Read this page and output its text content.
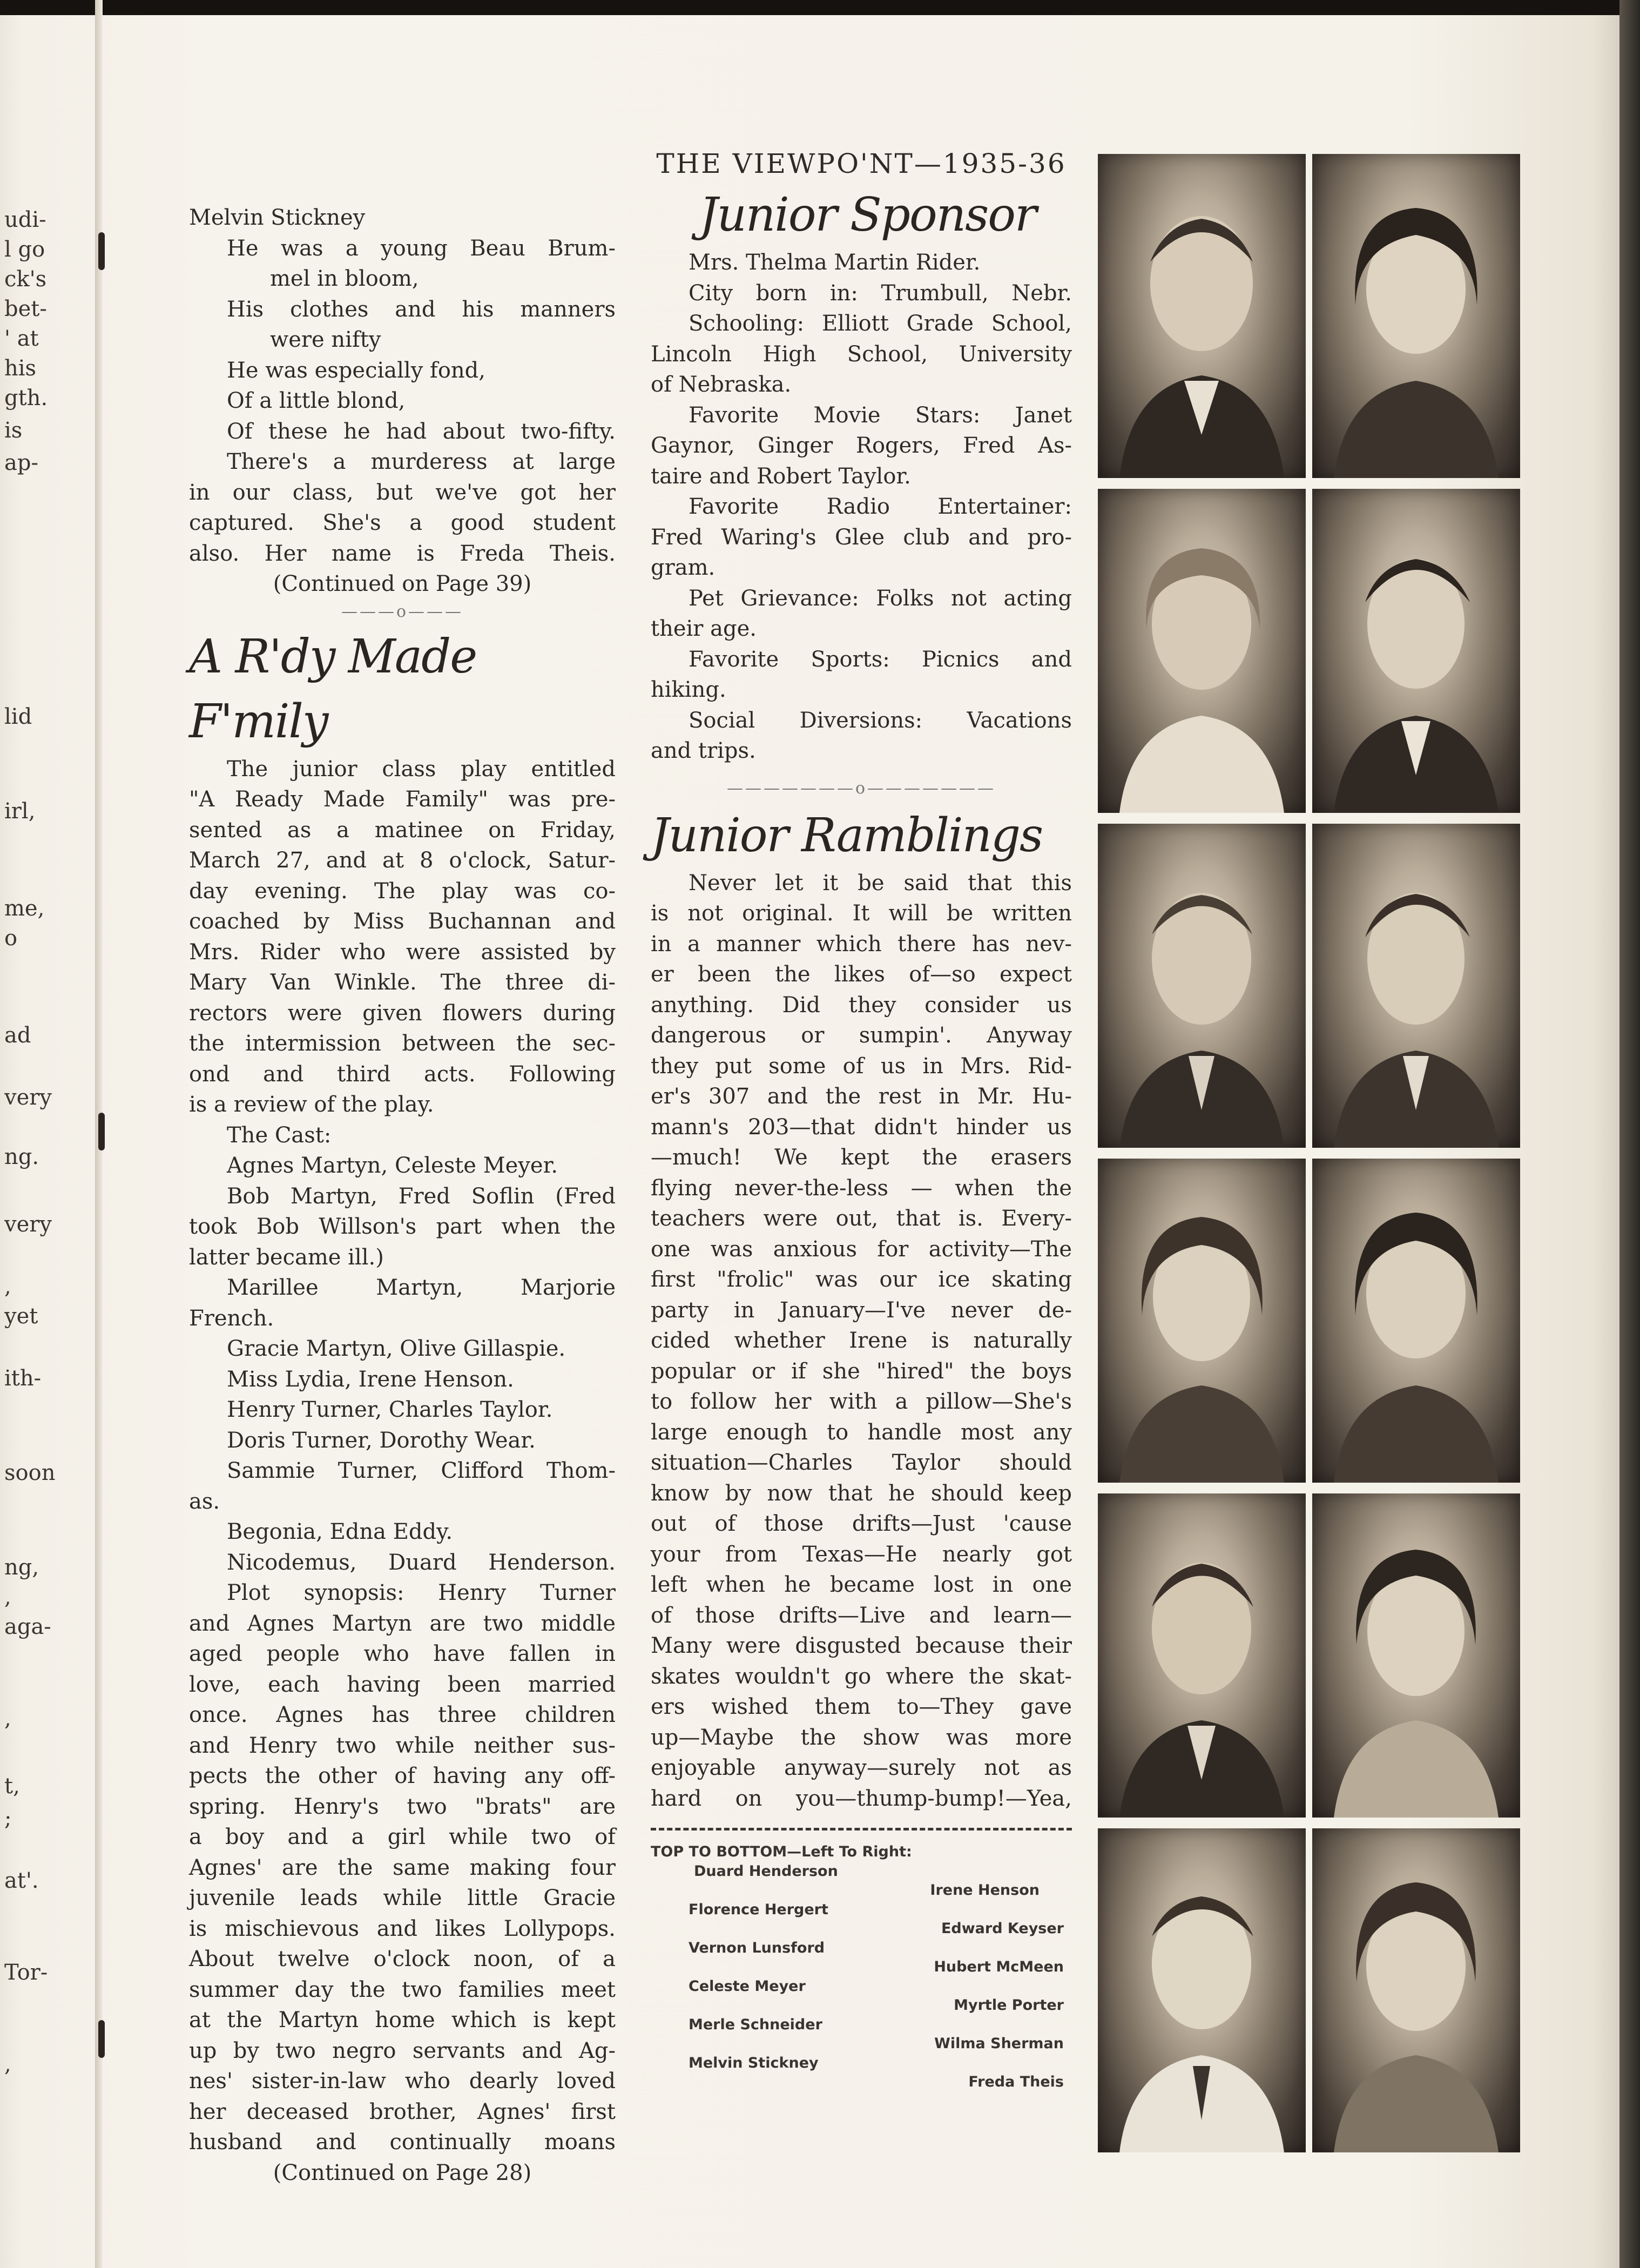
udi-
l go
ck's
bet-
' at
his
gth.
is
ap-
lid
irl,
me,
o
ad
very
ng.
very
,
yet
ith-
soon
ng,
,
aga-
,
t,
;
at'.
Tor-
,

Melvin Stickney

He was a young Beau Brum-

mel in bloom,

His clothes and his manners

were nifty

He was especially fond,

Of a little blond,

Of these he had about two-fifty.

There's a murderess at large

in our class, but we've got her

captured. She's a good student

also. Her name is Freda Theis.

(Continued on Page 39)

———o———

A R'dy Made F'mily

The junior class play entitled

"A Ready Made Family" was pre-

sented as a matinee on Friday,

March 27, and at 8 o'clock, Satur-

day evening. The play was co-

coached by Miss Buchannan and

Mrs. Rider who were assisted by

Mary Van Winkle. The three di-

rectors were given flowers during

the intermission between the sec-

ond and third acts. Following

is a review of the play.

The Cast:

Agnes Martyn, Celeste Meyer.

Bob Martyn, Fred Soflin (Fred

took Bob Willson's part when the

latter became ill.)

Marillee Martyn, Marjorie

French.

Gracie Martyn, Olive Gillaspie.

Miss Lydia, Irene Henson.

Henry Turner, Charles Taylor.

Doris Turner, Dorothy Wear.

Sammie Turner, Clifford Thom-

as.

Begonia, Edna Eddy.

Nicodemus, Duard Henderson.

Plot synopsis: Henry Turner

and Agnes Martyn are two middle

aged people who have fallen in

love, each having been married

once. Agnes has three children

and Henry two while neither sus-

pects the other of having any off-

spring. Henry's two "brats" are

a boy and a girl while two of

Agnes' are the same making four

juvenile leads while little Gracie

is mischievous and likes Lollypops.

About twelve o'clock noon, of a

summer day the two families meet

at the Martyn home which is kept

up by two negro servants and Ag-

nes' sister-in-law who dearly loved

her deceased brother, Agnes' first

husband and continually moans

(Continued on Page 28)

THE VIEWPO'NT—1935-36

Junior Sponsor

Mrs. Thelma Martin Rider.

City born in: Trumbull, Nebr.

Schooling: Elliott Grade School,

Lincoln High School, University

of Nebraska.

Favorite Movie Stars: Janet

Gaynor, Ginger Rogers, Fred As-

taire and Robert Taylor.

Favorite Radio Entertainer:

Fred Waring's Glee club and pro-

gram.

Pet Grievance: Folks not acting

their age.

Favorite Sports: Picnics and

hiking.

Social Diversions: Vacations

and trips.

———————o———————

Junior Ramblings

Never let it be said that this

is not original. It will be written

in a manner which there has nev-

er been the likes of—so expect

anything. Did they consider us

dangerous or sumpin'. Anyway

they put some of us in Mrs. Rid-

er's 307 and the rest in Mr. Hu-

mann's 203—that didn't hinder us

—much! We kept the erasers

flying never-the-less — when the

teachers were out, that is. Every-

one was anxious for activity—The

first "frolic" was our ice skating

party in January—I've never de-

cided whether Irene is naturally

popular or if she "hired" the boys

to follow her with a pillow—She's

large enough to handle most any

situation—Charles Taylor should

know by now that he should keep

out of those drifts—Just 'cause

your from Texas—He nearly got

left when he became lost in one

of those drifts—Live and learn—

Many were disgusted because their

skates wouldn't go where the skat-

ers wished them to—They gave

up—Maybe the show was more

enjoyable anyway—surely not as

hard on you—thump-bump!—Yea,

TOP TO BOTTOM—Left To Right:
Duard Henderson
Irene Henson
Florence Hergert
Edward Keyser
Vernon Lunsford
Hubert McMeen
Celeste Meyer
Myrtle Porter
Merle Schneider
Wilma Sherman
Melvin Stickney
Freda Theis
